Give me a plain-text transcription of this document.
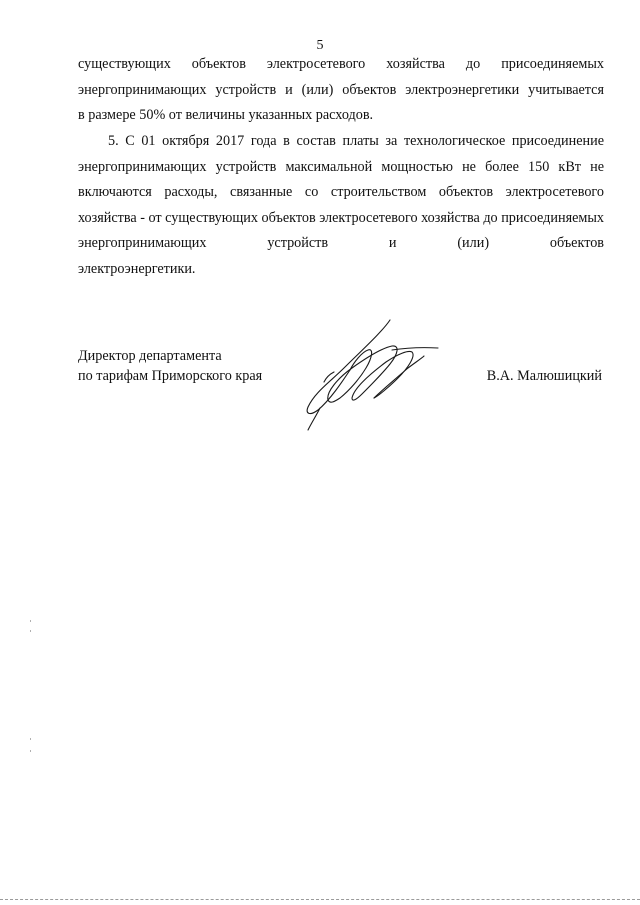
5
существующих объектов электросетевого хозяйства до присоединяемых энергопринимающих устройств и (или) объектов электроэнергетики учитывается
в размере 50% от величины указанных расходов.
5. С 01 октября 2017 года в состав платы за технологическое присоединение энергопринимающих устройств максимальной мощностью не более 150 кВт не включаются расходы, связанные со строительством объектов электросетевого хозяйства - от существующих объектов электросетевого хозяйства до присоединяемых энергопринимающих устройств и (или) объектов
электроэнергетики.
Директор департамента
по тарифам Приморского края	В.А. Малюшицкий
